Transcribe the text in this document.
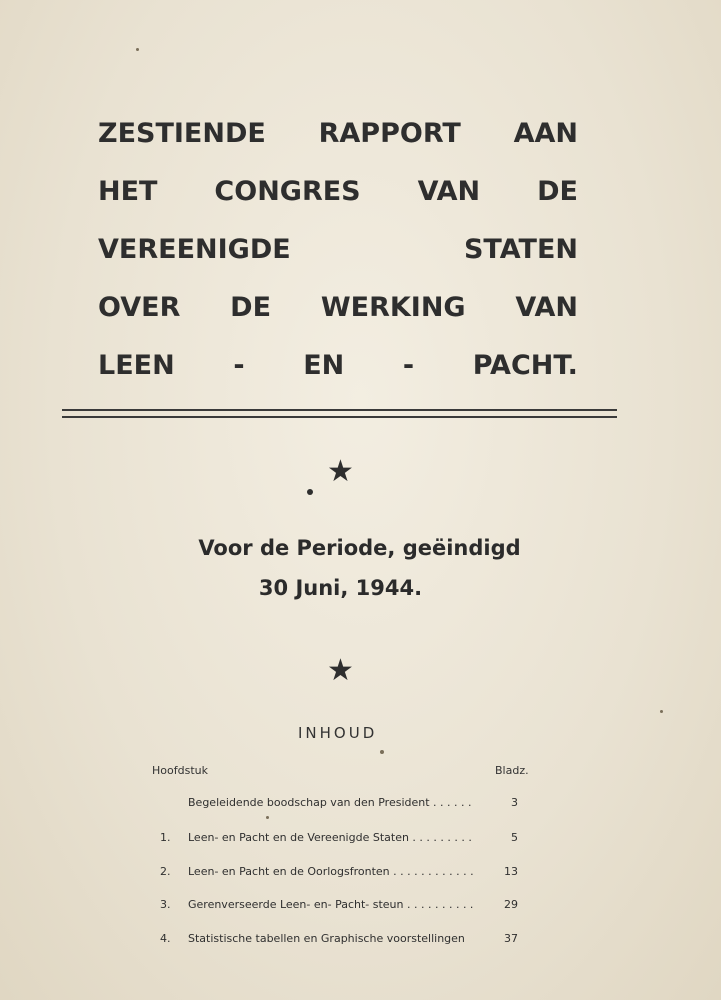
ZESTIENDE RAPPORT AAN
HET CONGRES VAN DE
VEREENIGDE	STATEN
OVER DE WERKING VAN
LEEN - EN - PACHT.
★
Voor de Periode, geëindigd
30 Juni, 1944.
★
INHOUD
Hoofdstuk	Bladz.
Begeleidende boodschap van den President . . . . . .	3
1.	Leen- en Pacht en de Vereenigde Staten . . . . . . . . .	5
2.	Leen- en Pacht en de Oorlogsfronten . . . . . . . . . . . .	13
3.	Gerenverseerde Leen- en- Pacht- steun . . . . . . . . . .	29
4.	Statistische tabellen en Graphische voorstellingen	37
